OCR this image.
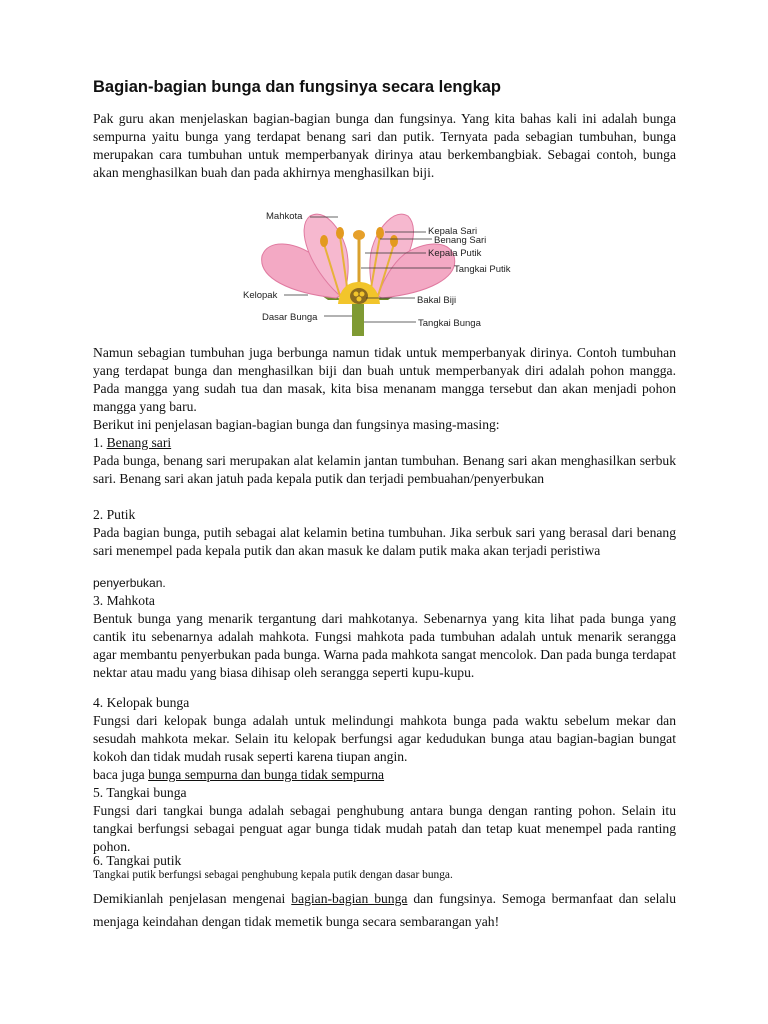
Bagian-bagian bunga dan fungsinya secara lengkap

Pak guru akan menjelaskan bagian-bagian bunga dan fungsinya. Yang kita bahas kali ini adalah bunga sempurna yaitu bunga yang terdapat benang sari dan putik. Ternyata pada sebagian tumbuhan, bunga merupakan cara tumbuhan untuk memperbanyak dirinya atau berkembangbiak. Sebagai contoh, bunga akan menghasilkan buah dan pada akhirnya menghasilkan biji.

Mahkota
Kepala Sari
Benang Sari
Kepala Putik
Tangkai Putik
Kelopak	Bakal Biji
Dasar Bunga
Tangkai Bunga

Namun sebagian tumbuhan juga berbunga namun tidak untuk memperbanyak dirinya. Contoh tumbuhan yang terdapat bunga dan menghasilkan biji dan buah untuk memperbanyak diri adalah pohon mangga. Pada mangga yang sudah tua dan masak, kita bisa menanam mangga tersebut dan akan menjadi pohon mangga yang baru.

Berikut ini penjelasan bagian-bagian bunga dan fungsinya masing-masing:

1. Benang sari

Pada bunga, benang sari merupakan alat kelamin jantan tumbuhan. Benang sari akan menghasilkan serbuk sari. Benang sari akan jatuh pada kepala putik dan terjadi pembuahan/penyerbukan

2. Putik

Pada bagian bunga, putih sebagai alat kelamin betina tumbuhan. Jika serbuk sari yang berasal dari benang sari menempel pada kepala putik dan akan masuk ke dalam putik maka akan terjadi peristiwa

penyerbukan.

3. Mahkota

Bentuk bunga yang menarik tergantung dari mahkotanya. Sebenarnya yang kita lihat pada bunga yang cantik itu sebenarnya adalah mahkota. Fungsi mahkota pada tumbuhan adalah untuk menarik serangga agar membantu penyerbukan pada bunga. Warna pada mahkota sangat mencolok. Dan pada bunga terdapat nektar atau madu yang biasa dihisap oleh serangga seperti kupu-kupu.

4. Kelopak bunga

Fungsi dari kelopak bunga adalah untuk melindungi mahkota bunga pada waktu sebelum mekar dan sesudah mahkota mekar. Selain itu kelopak berfungsi agar kedudukan bunga atau bagian-bagian bungat kokoh dan tidak mudah rusak seperti karena tiupan angin.

baca juga bunga sempurna dan bunga tidak sempurna

5. Tangkai bunga

Fungsi dari tangkai bunga adalah sebagai penghubung antara bunga dengan ranting pohon. Selain itu tangkai berfungsi sebagai penguat agar bunga tidak mudah patah dan tetap kuat menempel pada ranting pohon.

6. Tangkai putik

Tangkai putik berfungsi sebagai penghubung kepala putik dengan dasar bunga.

Demikianlah penjelasan mengenai bagian-bagian bunga dan fungsinya. Semoga bermanfaat dan selalu menjaga keindahan dengan tidak memetik bunga secara sembarangan yah!
